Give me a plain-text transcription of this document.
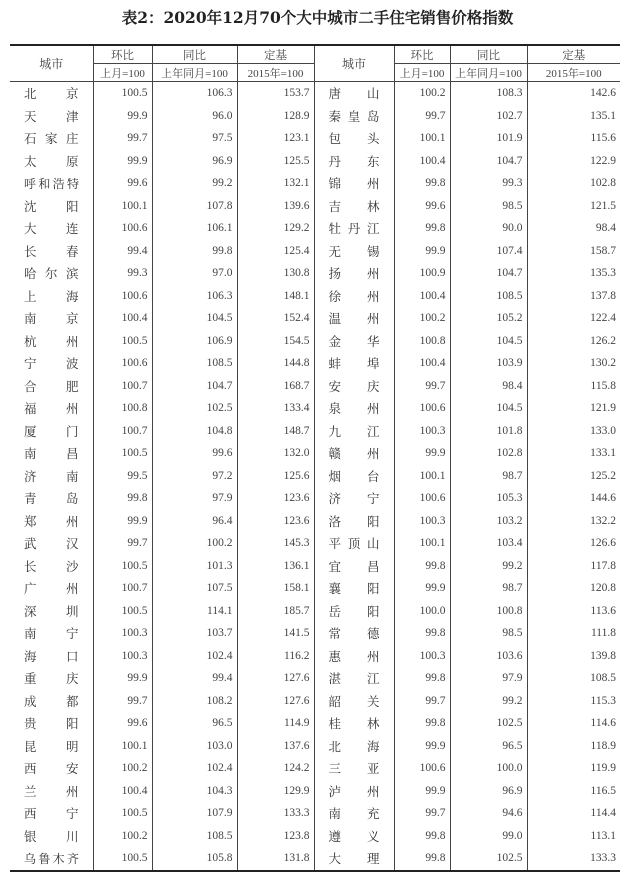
表2：2020年12月70个大中城市二手住宅销售价格指数
城市	环比	同比	定基	城市	环比	同比	定基
	上月=100	上年同月=100	2015年=100		上月=100	上年同月=100	2015年=100
北京	100.5	106.3	153.7	唐山	100.2	108.3	142.6
天津	99.9	96.0	128.9	秦皇岛	99.7	102.7	135.1
石家庄	99.7	97.5	123.1	包头	100.1	101.9	115.6
太原	99.9	96.9	125.5	丹东	100.4	104.7	122.9
呼和浩特	99.6	99.2	132.1	锦州	99.8	99.3	102.8
沈阳	100.1	107.8	139.6	吉林	99.6	98.5	121.5
大连	100.6	106.1	129.2	牡丹江	99.8	90.0	98.4
长春	99.4	99.8	125.4	无锡	99.9	107.4	158.7
哈尔滨	99.3	97.0	130.8	扬州	100.9	104.7	135.3
上海	100.6	106.3	148.1	徐州	100.4	108.5	137.8
南京	100.4	104.5	152.4	温州	100.2	105.2	122.4
杭州	100.5	106.9	154.5	金华	100.8	104.5	126.2
宁波	100.6	108.5	144.8	蚌埠	100.4	103.9	130.2
合肥	100.7	104.7	168.7	安庆	99.7	98.4	115.8
福州	100.8	102.5	133.4	泉州	100.6	104.5	121.9
厦门	100.7	104.8	148.7	九江	100.3	101.8	133.0
南昌	100.5	99.6	132.0	赣州	99.9	102.8	133.1
济南	99.5	97.2	125.6	烟台	100.1	98.7	125.2
青岛	99.8	97.9	123.6	济宁	100.6	105.3	144.6
郑州	99.9	96.4	123.6	洛阳	100.3	103.2	132.2
武汉	99.7	100.2	145.3	平顶山	100.1	103.4	126.6
长沙	100.5	101.3	136.1	宜昌	99.8	99.2	117.8
广州	100.7	107.5	158.1	襄阳	99.9	98.7	120.8
深圳	100.5	114.1	185.7	岳阳	100.0	100.8	113.6
南宁	100.3	103.7	141.5	常德	99.8	98.5	111.8
海口	100.3	102.4	116.2	惠州	100.3	103.6	139.8
重庆	99.9	99.4	127.6	湛江	99.8	97.9	108.5
成都	99.7	108.2	127.6	韶关	99.7	99.2	115.3
贵阳	99.6	96.5	114.9	桂林	99.8	102.5	114.6
昆明	100.1	103.0	137.6	北海	99.9	96.5	118.9
西安	100.2	102.4	124.2	三亚	100.6	100.0	119.9
兰州	100.4	104.3	129.9	泸州	99.9	96.9	116.5
西宁	100.5	107.9	133.3	南充	99.7	94.6	114.4
银川	100.2	108.5	123.8	遵义	99.8	99.0	113.1
乌鲁木齐	100.5	105.8	131.8	大理	99.8	102.5	133.3
